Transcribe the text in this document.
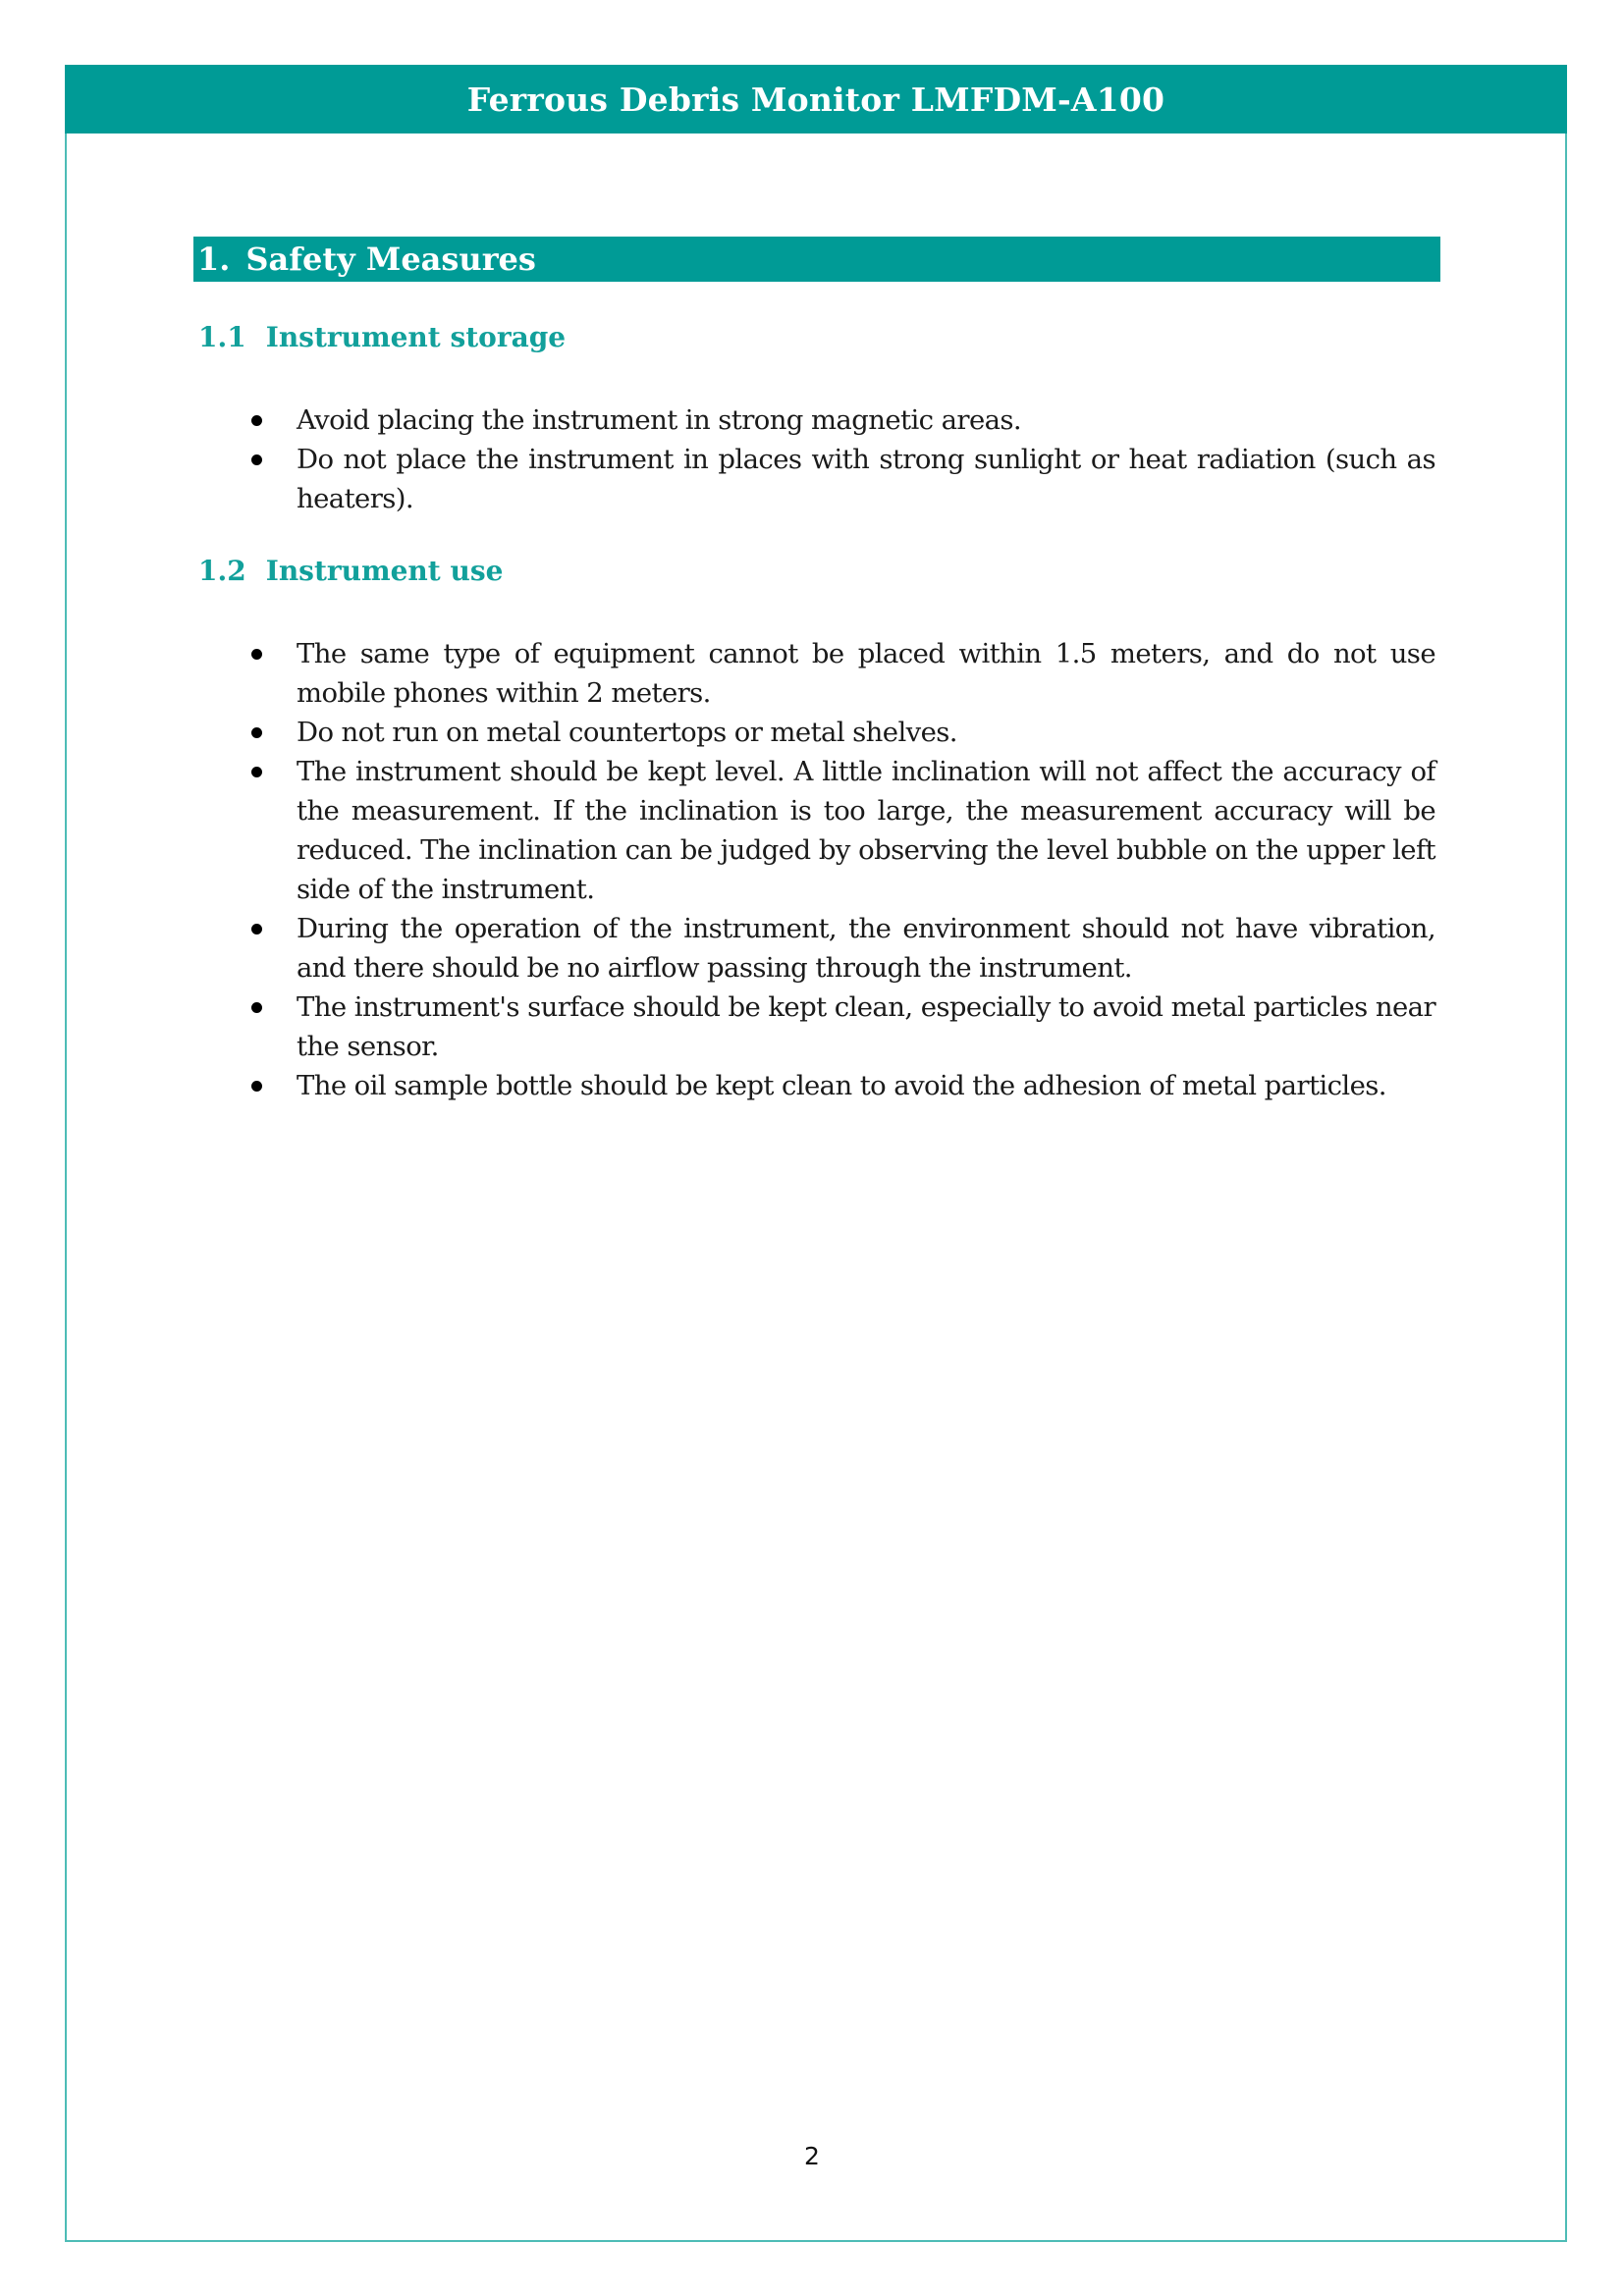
Ferrous Debris Monitor LMFDM-A100
1. Safety Measures
1.1 Instrument storage
Avoid placing the instrument in strong magnetic areas.
Do not place the instrument in places with strong sunlight or heat radiation (such as heaters).
1.2 Instrument use
The same type of equipment cannot be placed within 1.5 meters, and do not use mobile phones within 2 meters.
Do not run on metal countertops or metal shelves.
The instrument should be kept level. A little inclination will not affect the accuracy of the measurement. If the inclination is too large, the measurement accuracy will be reduced. The inclination can be judged by observing the level bubble on the upper left side of the instrument.
During the operation of the instrument, the environment should not have vibration, and there should be no airflow passing through the instrument.
The instrument's surface should be kept clean, especially to avoid metal particles near the sensor.
The oil sample bottle should be kept clean to avoid the adhesion of metal particles.
2
